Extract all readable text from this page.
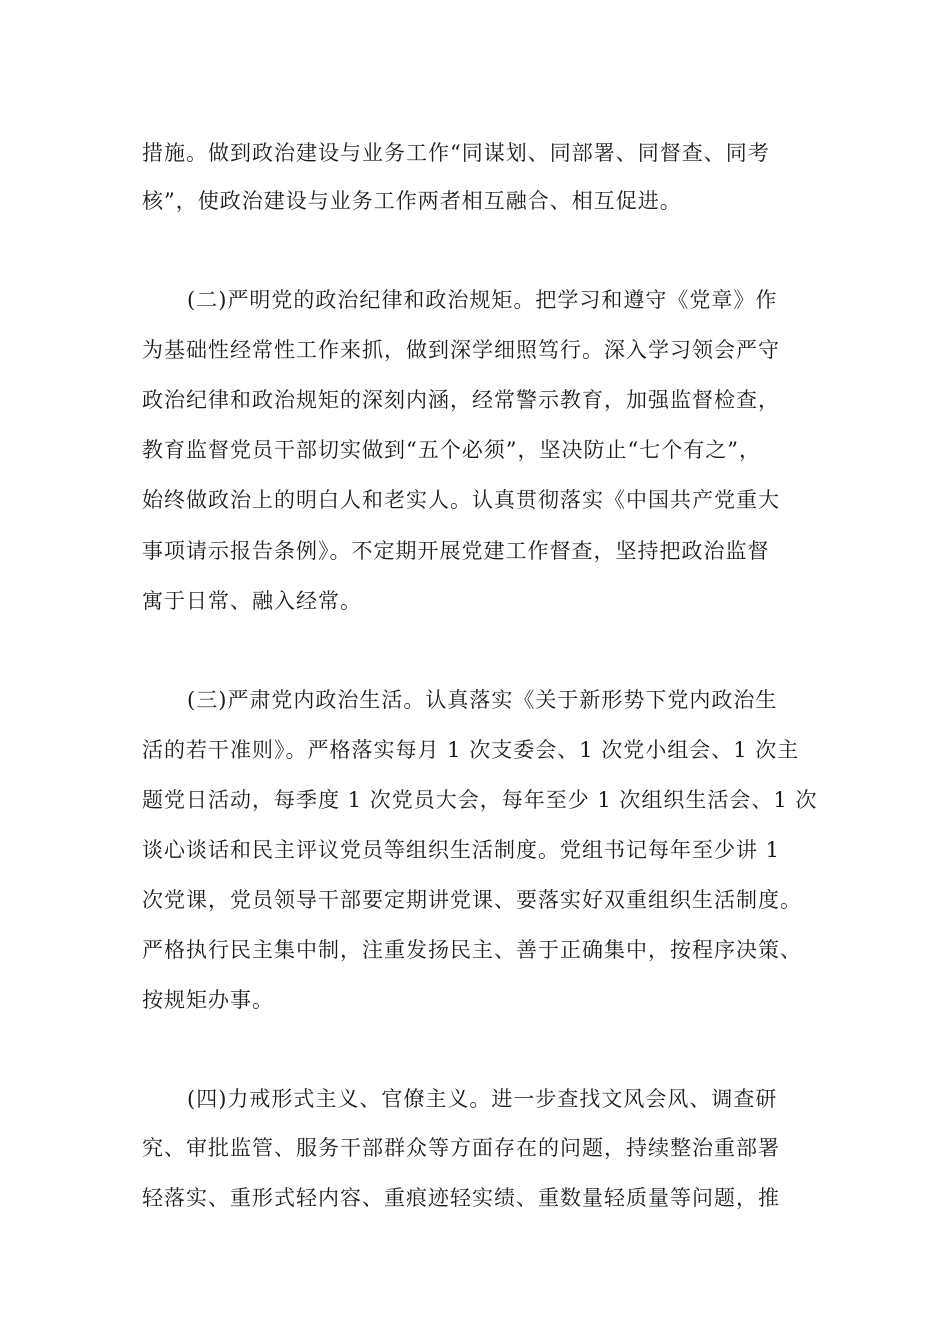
措施。做到政治建设与业务工作“同谋划、同部署、同督查、同考
核”，使政治建设与业务工作两者相互融合、相互促进。
(二)严明党的政治纪律和政治规矩。把学习和遵守《党章》作
为基础性经常性工作来抓，做到深学细照笃行。深入学习领会严守
政治纪律和政治规矩的深刻内涵，经常警示教育，加强监督检查，
教育监督党员干部切实做到“五个必须”，坚决防止“七个有之”，
始终做政治上的明白人和老实人。认真贯彻落实《中国共产党重大
事项请示报告条例》。不定期开展党建工作督查，坚持把政治监督
寓于日常、融入经常。
(三)严肃党内政治生活。认真落实《关于新形势下党内政治生
活的若干准则》。严格落实每月 1 次支委会、1 次党小组会、1 次主
题党日活动，每季度 1 次党员大会，每年至少 1 次组织生活会、1 次
谈心谈话和民主评议党员等组织生活制度。党组书记每年至少讲 1
次党课，党员领导干部要定期讲党课、要落实好双重组织生活制度。
严格执行民主集中制，注重发扬民主、善于正确集中，按程序决策、
按规矩办事。
(四)力戒形式主义、官僚主义。进一步查找文风会风、调查研
究、审批监管、服务干部群众等方面存在的问题，持续整治重部署
轻落实、重形式轻内容、重痕迹轻实绩、重数量轻质量等问题，推
